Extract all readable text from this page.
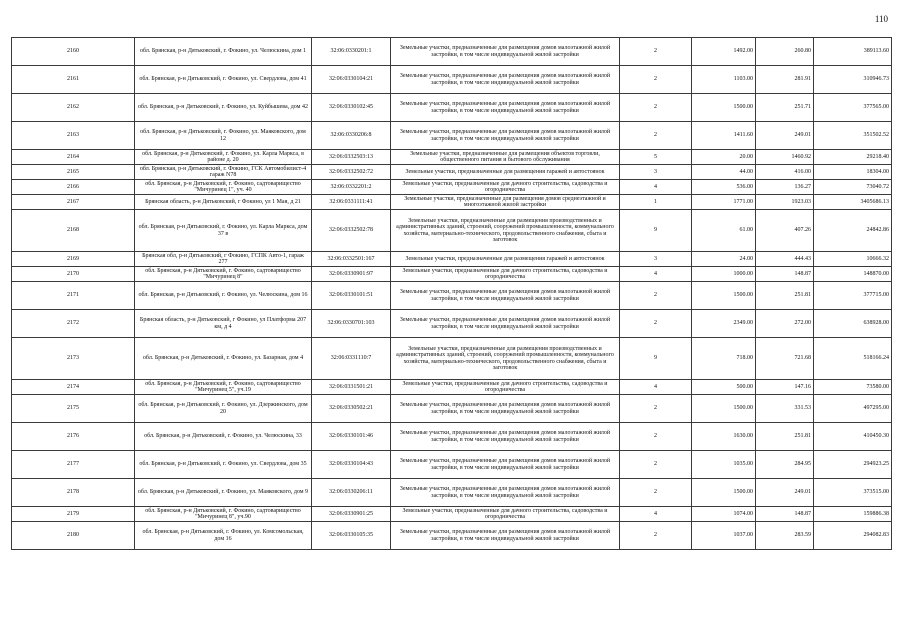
110
2160	обл. Брянская, р-н Дятьковский, г. Фокино, ул. Челюскина, дом 1	32:06:0330201:1	Земельные участки, предназначенные для размещения домов малоэтажной жилой застройки, в том числе индивидуальной жилой застройки	2	1492.00	260.80	389113.60
2161	обл. Брянская, р-н Дятьковский, г. Фокино, ул. Свердлова, дом 41	32:06:0330104:21	Земельные участки, предназначенные для размещения домов малоэтажной жилой застройки, в том числе индивидуальной жилой застройки	2	1103.00	281.91	310946.73
2162	обл. Брянская, р-н Дятьковский, г. Фокино, ул. Куйбышева, дом 42	32:06:0330102:45	Земельные участки, предназначенные для размещения домов малоэтажной жилой застройки, в том числе индивидуальной жилой застройки	2	1500.00	251.71	377565.00
2163	обл. Брянская, р-н Дятьковский, г. Фокино, ул. Маяковского, дом 12	32:06:0330206:8	Земельные участки, предназначенные для размещения домов малоэтажной жилой застройки, в том числе индивидуальной жилой застройки	2	1411.60	249.01	351502.52
2164	обл. Брянская, р-н Дятьковский, г. Фокино, ул. Карла Маркса, в районе д. 20	32:06:0332503:13	Земельные участки, предназначенные для размещения объектов торговли, общественного питания и бытового обслуживания	5	20.00	1460.92	29218.40
2165	обл. Брянская, р-н Дятьковский, г. Фокино, ГСК Автомобилист-4 гараж N78	32:06:0332502:72	Земельные участки, предназначенные для размещения гаражей и автостоянок	3	44.00	416.00	18304.00
2166	обл. Брянская, р-н Дятьковский, г. Фокино, садтоварищество "Мичуринец 1", уч. 40	32:06:0332201:2	Земельные участки, предназначенные для дачного строительства, садоводства и огородничества	4	536.00	136.27	73040.72
2167	Брянская область, р-н Дятьковский, г Фокино, ул 1 Мая, д 21	32:06:0331111:41	Земельные участки, предназначенные для размещения домов среднеэтажной и многоэтажной жилой застройки	1	1771.00	1923.03	3405686.13
2168	обл. Брянская, р-н Дятьковский, г. Фокино, ул. Карла Маркса, дом 37 в	32:06:0332502:78	Земельные участки, предназначенные для размещения производственных и административных зданий, строений, сооружений промышленности, коммунального хозяйства, материально-технического, продовольственного снабжения, сбыта и заготовок	9	61.00	407.26	24842.86
2169	Брянская обл, р-н Дятьковский, г Фокино, ГСПК Авто-1, гараж 277	32:06:0332501:167	Земельные участки, предназначенные для размещения гаражей и автостоянок	3	24.00	444.43	10666.32
2170	обл. Брянская, р-н Дятьковский, г. Фокино, садтоварищество "Мичуринец 8"	32:06:0330901:97	Земельные участки, предназначенные для дачного строительства, садоводства и огородничества	4	1000.00	148.87	148870.00
2171	обл. Брянская, р-н Дятьковский, г. Фокино, ул. Челюскина, дом 16	32:06:0330101:51	Земельные участки, предназначенные для размещения домов малоэтажной жилой застройки, в том числе индивидуальной жилой застройки	2	1500.00	251.81	377715.00
2172	Брянская область, р-н Дятьковский, г Фокино, ул Платформа 207 км, д 4	32:06:0330701:103	Земельные участки, предназначенные для размещения домов малоэтажной жилой застройки, в том числе индивидуальной жилой застройки	2	2349.00	272.00	638928.00
2173	обл. Брянская, р-н Дятьковский, г. Фокино, ул. Базарная, дом 4	32:06:0331110:7	Земельные участки, предназначенные для размещения производственных и административных зданий, строений, сооружений промышленности, коммунального хозяйства, материально-технического, продовольственного снабжения, сбыта и заготовок	9	718.00	721.68	518166.24
2174	обл. Брянская, р-н Дятьковский, г. Фокино, садтоварищество "Мичуринец 5", уч.19	32:06:0331501:21	Земельные участки, предназначенные для дачного строительства, садоводства и огородничества	4	500.00	147.16	73580.00
2175	обл. Брянская, р-н Дятьковский, г. Фокино, ул. Дзержинского, дом 20	32:06:0330502:21	Земельные участки, предназначенные для размещения домов малоэтажной жилой застройки, в том числе индивидуальной жилой застройки	2	1500.00	331.53	497295.00
2176	обл. Брянская, р-н Дятьковский, г. Фокино, ул. Челюскина, 33	32:06:0330101:46	Земельные участки, предназначенные для размещения домов малоэтажной жилой застройки, в том числе индивидуальной жилой застройки	2	1630.00	251.81	410450.30
2177	обл. Брянская, р-н Дятьковский, г. Фокино, ул. Свердлова, дом 35	32:06:0330104:43	Земельные участки, предназначенные для размещения домов малоэтажной жилой застройки, в том числе индивидуальной жилой застройки	2	1035.00	284.95	294923.25
2178	обл. Брянская, р-н Дятьковский, г. Фокино, ул. Маяковского, дом 9	32:06:0330206:11	Земельные участки, предназначенные для размещения домов малоэтажной жилой застройки, в том числе индивидуальной жилой застройки	2	1500.00	249.01	373515.00
2179	обл. Брянская, р-н Дятьковский, г. Фокино, садтоварищество "Мичуринец 8", уч.90	32:06:0330901:25	Земельные участки, предназначенные для дачного строительства, садоводства и огородничества	4	1074.00	148.87	159886.38
2180	обл. Брянская, р-н Дятьковский, г. Фокино, ул. Комсомольская, дом 16	32:06:0330105:35	Земельные участки, предназначенные для размещения домов малоэтажной жилой застройки, в том числе индивидуальной жилой застройки	2	1037.00	283.59	294082.83
